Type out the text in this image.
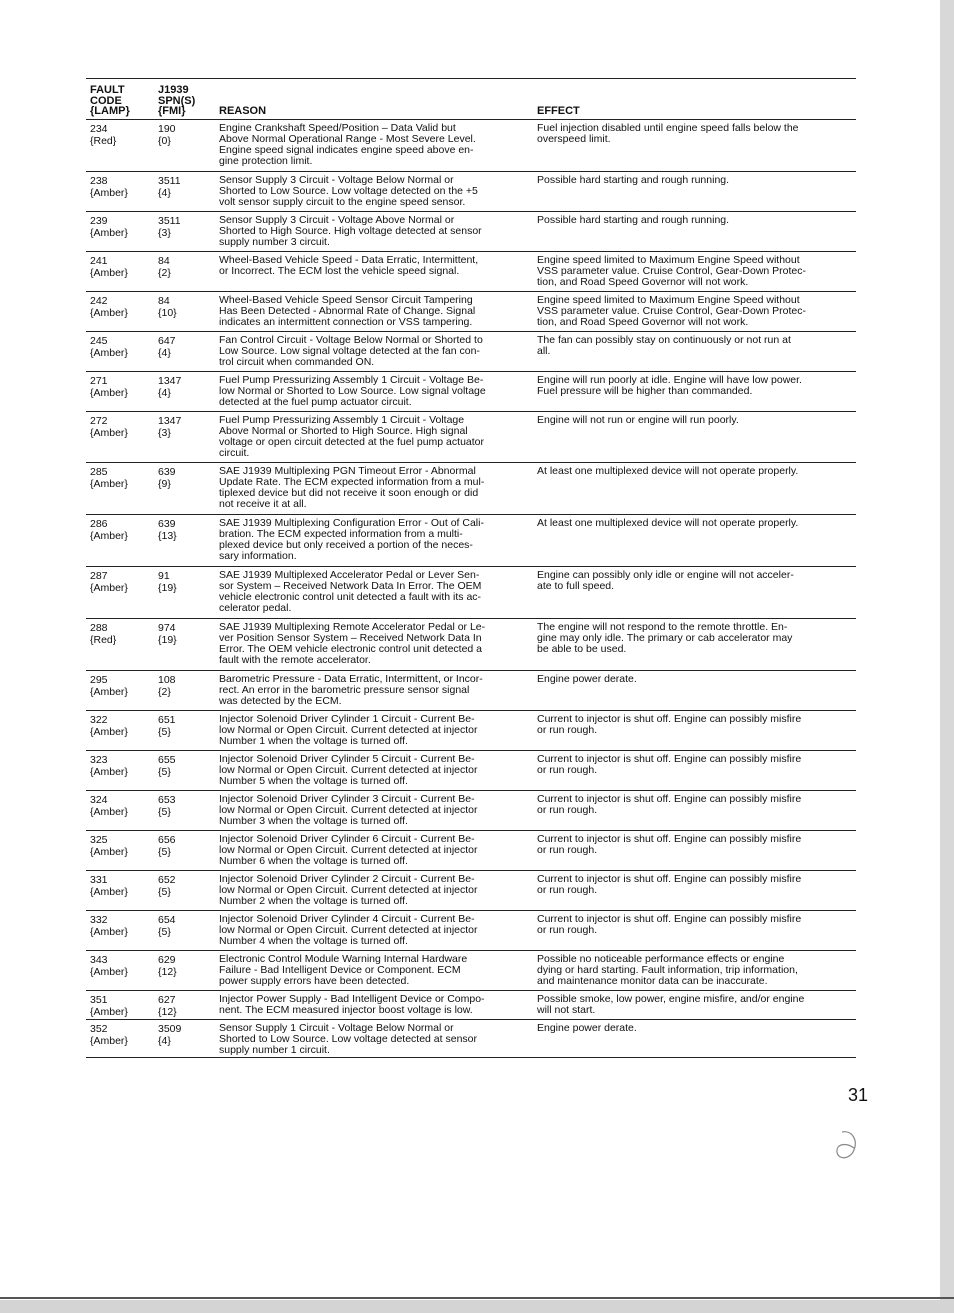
FAULT
CODE
{LAMP}
J1939
SPN(S)
{FMI}	REASON	EFFECT
234
{Red}
190
{0}
Engine Crankshaft Speed/Position – Data Valid but
Above Normal Operational Range - Most Severe Level.
Engine speed signal indicates engine speed above en-
gine protection limit.
Fuel injection disabled until engine speed falls below the
overspeed limit.
238
{Amber}
3511
{4}
Sensor Supply 3 Circuit - Voltage Below Normal or
Shorted to Low Source. Low voltage detected on the +5
volt sensor supply circuit to the engine speed sensor.
Possible hard starting and rough running.
239
{Amber}
3511
{3}
Sensor Supply 3 Circuit - Voltage Above Normal or
Shorted to High Source. High voltage detected at sensor
supply number 3 circuit.
Possible hard starting and rough running.
241
{Amber}
84
{2}
Wheel-Based Vehicle Speed - Data Erratic, Intermittent,
or Incorrect. The ECM lost the vehicle speed signal.
Engine speed limited to Maximum Engine Speed without
VSS parameter value. Cruise Control, Gear-Down Protec-
tion, and Road Speed Governor will not work.
242
{Amber}
84
{10}
Wheel-Based Vehicle Speed Sensor Circuit Tampering
Has Been Detected - Abnormal Rate of Change. Signal
indicates an intermittent connection or VSS tampering.
Engine speed limited to Maximum Engine Speed without
VSS parameter value. Cruise Control, Gear-Down Protec-
tion, and Road Speed Governor will not work.
245
{Amber}
647
{4}
Fan Control Circuit - Voltage Below Normal or Shorted to
Low Source. Low signal voltage detected at the fan con-
trol circuit when commanded ON.
The fan can possibly stay on continuously or not run at
all.
271
{Amber}
1347
{4}
Fuel Pump Pressurizing Assembly 1 Circuit - Voltage Be-
low Normal or Shorted to Low Source. Low signal voltage
detected at the fuel pump actuator circuit.
Engine will run poorly at idle. Engine will have low power.
Fuel pressure will be higher than commanded.
272
{Amber}
1347
{3}
Fuel Pump Pressurizing Assembly 1 Circuit - Voltage
Above Normal or Shorted to High Source. High signal
voltage or open circuit detected at the fuel pump actuator
circuit.
Engine will not run or engine will run poorly.
285
{Amber}
639
{9}
SAE J1939 Multiplexing PGN Timeout Error - Abnormal
Update Rate. The ECM expected information from a mul-
tiplexed device but did not receive it soon enough or did
not receive it at all.
At least one multiplexed device will not operate properly.
286
{Amber}
639
{13}
SAE J1939 Multiplexing Configuration Error - Out of Cali-
bration. The ECM expected information from a multi-
plexed device but only received a portion of the neces-
sary information.
At least one multiplexed device will not operate properly.
287
{Amber}
91
{19}
SAE J1939 Multiplexed Accelerator Pedal or Lever Sen-
sor System – Received Network Data In Error. The OEM
vehicle electronic control unit detected a fault with its ac-
celerator pedal.
Engine can possibly only idle or engine will not acceler-
ate to full speed.
288
{Red}
974
{19}
SAE J1939 Multiplexing Remote Accelerator Pedal or Le-
ver Position Sensor System – Received Network Data In
Error. The OEM vehicle electronic control unit detected a
fault with the remote accelerator.
The engine will not respond to the remote throttle. En-
gine may only idle. The primary or cab accelerator may
be able to be used.
295
{Amber}
108
{2}
Barometric Pressure - Data Erratic, Intermittent, or Incor-
rect. An error in the barometric pressure sensor signal
was detected by the ECM.
Engine power derate.
322
{Amber}
651
{5}
Injector Solenoid Driver Cylinder 1 Circuit - Current Be-
low Normal or Open Circuit. Current detected at injector
Number 1 when the voltage is turned off.
Current to injector is shut off. Engine can possibly misfire
or run rough.
323
{Amber}
655
{5}
Injector Solenoid Driver Cylinder 5 Circuit - Current Be-
low Normal or Open Circuit. Current detected at injector
Number 5 when the voltage is turned off.
Current to injector is shut off. Engine can possibly misfire
or run rough.
324
{Amber}
653
{5}
Injector Solenoid Driver Cylinder 3 Circuit - Current Be-
low Normal or Open Circuit. Current detected at injector
Number 3 when the voltage is turned off.
Current to injector is shut off. Engine can possibly misfire
or run rough.
325
{Amber}
656
{5}
Injector Solenoid Driver Cylinder 6 Circuit - Current Be-
low Normal or Open Circuit. Current detected at injector
Number 6 when the voltage is turned off.
Current to injector is shut off. Engine can possibly misfire
or run rough.
331
{Amber}
652
{5}
Injector Solenoid Driver Cylinder 2 Circuit - Current Be-
low Normal or Open Circuit. Current detected at injector
Number 2 when the voltage is turned off.
Current to injector is shut off. Engine can possibly misfire
or run rough.
332
{Amber}
654
{5}
Injector Solenoid Driver Cylinder 4 Circuit - Current Be-
low Normal or Open Circuit. Current detected at injector
Number 4 when the voltage is turned off.
Current to injector is shut off. Engine can possibly misfire
or run rough.
343
{Amber}
629
{12}
Electronic Control Module Warning Internal Hardware
Failure - Bad Intelligent Device or Component. ECM
power supply errors have been detected.
Possible no noticeable performance effects or engine
dying or hard starting. Fault information, trip information,
and maintenance monitor data can be inaccurate.
351
{Amber}
627
{12}
Injector Power Supply - Bad Intelligent Device or Compo-
nent. The ECM measured injector boost voltage is low.
Possible smoke, low power, engine misfire, and/or engine
will not start.
352
{Amber}
3509
{4}
Sensor Supply 1 Circuit - Voltage Below Normal or
Shorted to Low Source. Low voltage detected at sensor
supply number 1 circuit.
Engine power derate.
31
